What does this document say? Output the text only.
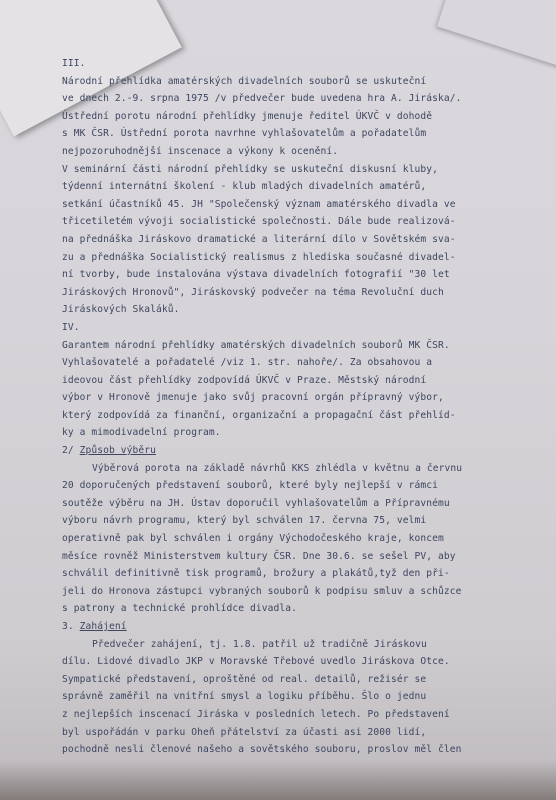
III.
Národní přehlídka amatérských divadelních souborů se uskuteční
ve dnech 2.-9. srpna 1975 /v předvečer bude uvedena hra A. Jiráska/.
Ústřední porotu národní přehlídky jmenuje ředitel ÚKVČ v dohodě
s MK ČSR. Ústřední porota navrhne vyhlašovatelům a pořadatelům
nejpozoruhodnější inscenace a výkony k ocenění.
V seminární části národní přehlídky se uskuteční diskusní kluby,
týdenní internátní školení - klub mladých divadelních amatérů,
setkání účastníků 45. JH "Společenský význam amatérského divadla ve
třicetiletém vývoji socialistické společnosti. Dále bude realizová-
na přednáška Jiráskovo dramatické a literární dílo v Sovětském sva-
zu a přednáška Socialistický realismus z hlediska současné divadel-
ní tvorby, bude instalována výstava divadelních fotografií "30 let
Jiráskových Hronovů", Jiráskovský podvečer na téma Revoluční duch
Jiráskových Skaláků.
IV.
Garantem národní přehlídky amatérských divadelních souborů MK ČSR.
Vyhlašovatelé a pořadatelé /viz 1. str. nahoře/. Za obsahovou a
ideovou část přehlídky zodpovídá ÚKVČ v Praze. Městský národní
výbor v Hronově jmenuje jako svůj pracovní orgán přípravný výbor,
který zodpovídá za finanční, organizační a propagační část přehlíd-
ky a mimodivadelní program.
2/ Způsob výběru
Výběrová porota na základě návrhů KKS zhlédla v květnu a červnu
20 doporučených představení souborů, které byly nejlepší v rámci
soutěže výběru na JH. Ústav doporučil vyhlašovatelům a Přípravnému
výboru návrh programu, který byl schválen 17. června 75, velmi
operativně pak byl schválen i orgány Východočeského kraje, koncem
měsíce rovněž Ministerstvem kultury ČSR. Dne 30.6. se sešel PV, aby
schválil definitivně tisk programů, brožury a plakátů,tyž den při-
jeli do Hronova zástupci vybraných souborů k podpisu smluv a schůzce
s patrony a technické prohlídce divadla.
3. Zahájení
Předvečer zahájení, tj. 1.8. patřil už tradičně Jiráskovu
dílu. Lidové divadlo JKP v Moravské Třebové uvedlo Jiráskova Otce.
Sympatické představení, oproštěné od real. detailů, režisér se
správně zaměřil na vnitřní smysl a logiku příběhu. Šlo o jednu
z nejlepších inscenací Jiráska v posledních letech. Po představení
byl uspořádán v parku Oheň přátelství za účasti asi 2000 lidí,
pochodně nesli členové našeho a sovětského souboru, proslov měl člen
